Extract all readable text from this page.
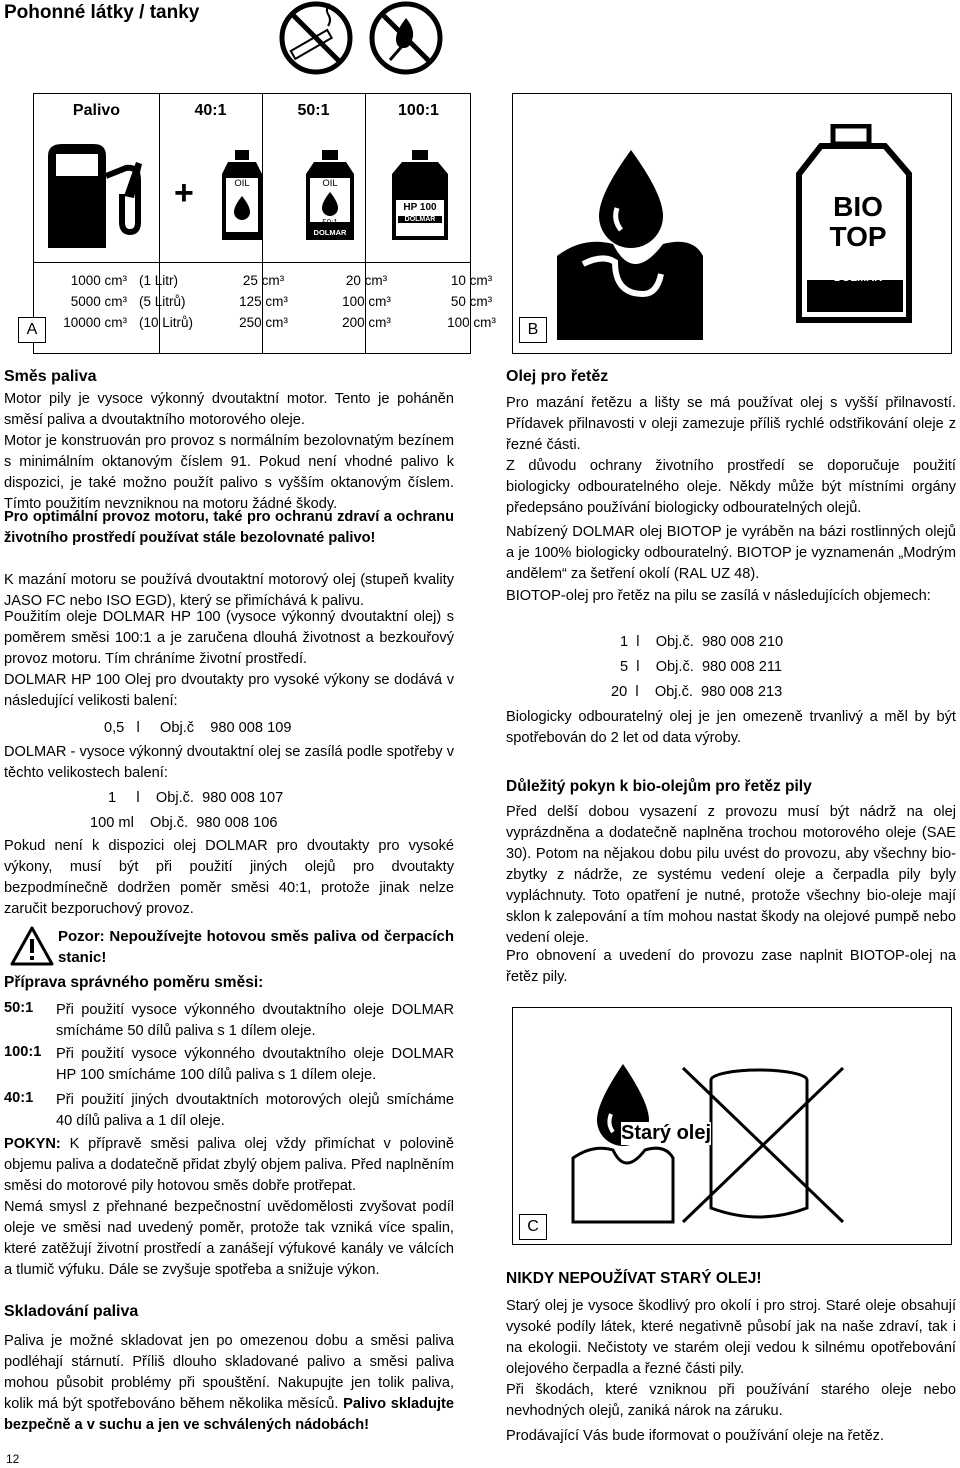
Pohonné látky / tanky
Palivo	40:1	50:1	100:1
+	OIL	OIL
50:1
DOLMAR
HP 100
DOLMAR
1000 cm³ (1 Litr)	25 cm³	20 cm³	10 cm³
5000 cm³ (5 Litrů)	125 cm³	100 cm³	50 cm³
10000 cm³ (10 Litrů)	250 cm³	200 cm³	100 cm³
A
BIO
TOP
DOLMAR
B
Starý olej
C
Směs paliva
Motor pily je vysoce výkonný dvoutaktní motor. Tento je poháněn směsí paliva a dvoutaktního motorového oleje.
Motor je konstruován pro provoz s normálním bezolovnatým bezínem s minimálním oktanovým číslem 91. Pokud není vhodné palivo k dispozici, je také možno použít palivo s vyšším oktanovým číslem. Tímto použitím nevzniknou na motoru žádné škody.
Pro optimální provoz motoru, také pro ochranu zdraví a ochranu životního prostředí používat stále bezolovnaté palivo!
K mazání motoru se používá dvoutaktní motorový olej (stupeň kvality JASO FC nebo ISO EGD), který se přimíchává k palivu.
Použitím oleje DOLMAR HP 100 (vysoce výkonný dvoutaktní olej) s poměrem směsi 100:1 a je zaručena dlouhá životnost a bezkouřový provoz motoru. Tím chráníme životní prostředí.
DOLMAR HP 100 Olej pro dvoutakty pro vysoké výkony se dodává v následující velikosti balení:
0,5 l Obj.č 980 008 109
DOLMAR - vysoce výkonný dvoutaktní olej se zasílá podle spotřeby v těchto velikostech balení:
1 l Obj.č. 980 008 107
100 ml Obj.č. 980 008 106
Pokud není k dispozici olej DOLMAR pro dvoutakty pro vysoké výkony, musí být při použití jiných olejů pro dvoutakty bezpodmínečně dodržen poměr směsi 40:1, protože jinak nelze zaručit bezporuchový provoz.
Pozor: Nepoužívejte hotovou směs paliva od čerpacích stanic!
Příprava správného poměru směsi:
50:1 Při použití vysoce výkonného dvoutaktního oleje DOLMAR smícháme 50 dílů paliva s 1 dílem oleje.
100:1 Při použití vysoce výkonného dvoutaktního oleje DOLMAR HP 100 smícháme 100 dílů paliva s 1 dílem oleje.
40:1 Při použití jiných dvoutaktních motorových olejů smícháme 40 dílů paliva a 1 díl oleje.
POKYN: K přípravě směsi paliva olej vždy přimíchat v polovině objemu paliva a dodatečně přidat zbylý objem paliva. Před naplněním směsi do motorové pily hotovou směs dobře protřepat.
Nemá smysl z přehnané bezpečnostní uvědomělosti zvyšovat podíl oleje ve směsi nad uvedený poměr, protože tak vzniká více spalin, které zatěžují životní prostředí a zanášejí výfukové kanály ve válcích a tlumič výfuku. Dále se zvyšuje spotřeba a snižuje výkon.
Skladování paliva
Paliva je možné skladovat jen po omezenou dobu a směsi paliva podléhají stárnutí. Příliš dlouho skladované palivo a směsi paliva mohou působit problémy při spouštění. Nakupujte jen tolik paliva, kolik má být spotřebováno během několika měsíců. Palivo skladujte bezpečně a v suchu a jen ve schválených nádobách!
Olej pro řetěz
Pro mazání řetězu a lišty se má používat olej s vyšší přilnavostí. Přídavek přilnavosti v oleji zamezuje příliš rychlé odstřikování oleje z řezné části.
Z důvodu ochrany životního prostředí se doporučuje použití biologicky odbouratelného oleje. Někdy může být místními orgány předepsáno používání biologicky odbouratelných olejů.
Nabízený DOLMAR olej BIOTOP je vyráběn na bázi rostlinných olejů a je 100% biologicky odbouratelný. BIOTOP je vyznamenán „Modrým andělem“ za šetření okolí (RAL UZ 48).
BIOTOP-olej pro řetěz na pilu se zasílá v následujících objemech:
1 l Obj.č. 980 008 210
5 l Obj.č. 980 008 211
20 l Obj.č. 980 008 213
Biologicky odbouratelný olej je jen omezeně trvanlivý a měl by být spotřebován do 2 let od data výroby.
Důležitý pokyn k bio-olejům pro řetěz pily
Před delší dobou vysazení z provozu musí být nádrž na olej vyprázdněna a dodatečně naplněna trochou motorového oleje (SAE 30). Potom na nějakou dobu pilu uvést do provozu, aby všechny bio-zbytky z nádrže, ze systému vedení oleje a čerpadla pily byly vypláchnuty. Toto opatření je nutné, protože všechny bio-oleje mají sklon k zalepování a tím mohou nastat škody na olejové pumpě nebo vedení oleje.
Pro obnovení a uvedení do provozu zase naplnit BIOTOP-olej na řetěz pily.
NIKDY NEPOUŽÍVAT STARÝ OLEJ!
Starý olej je vysoce škodlivý pro okolí i pro stroj. Staré oleje obsahují vysoké podíly látek, které negativně působí jak na naše zdraví, tak i na ekologii. Nečistoty ve starém oleji vedou k silnému opotřebování olejového čerpadla a řezné části pily.
Při škodách, které vzniknou při používání starého oleje nebo nevhodných olejů, zaniká nárok na záruku.
Prodávající Vás bude iformovat o používání oleje na řetěz.
12
